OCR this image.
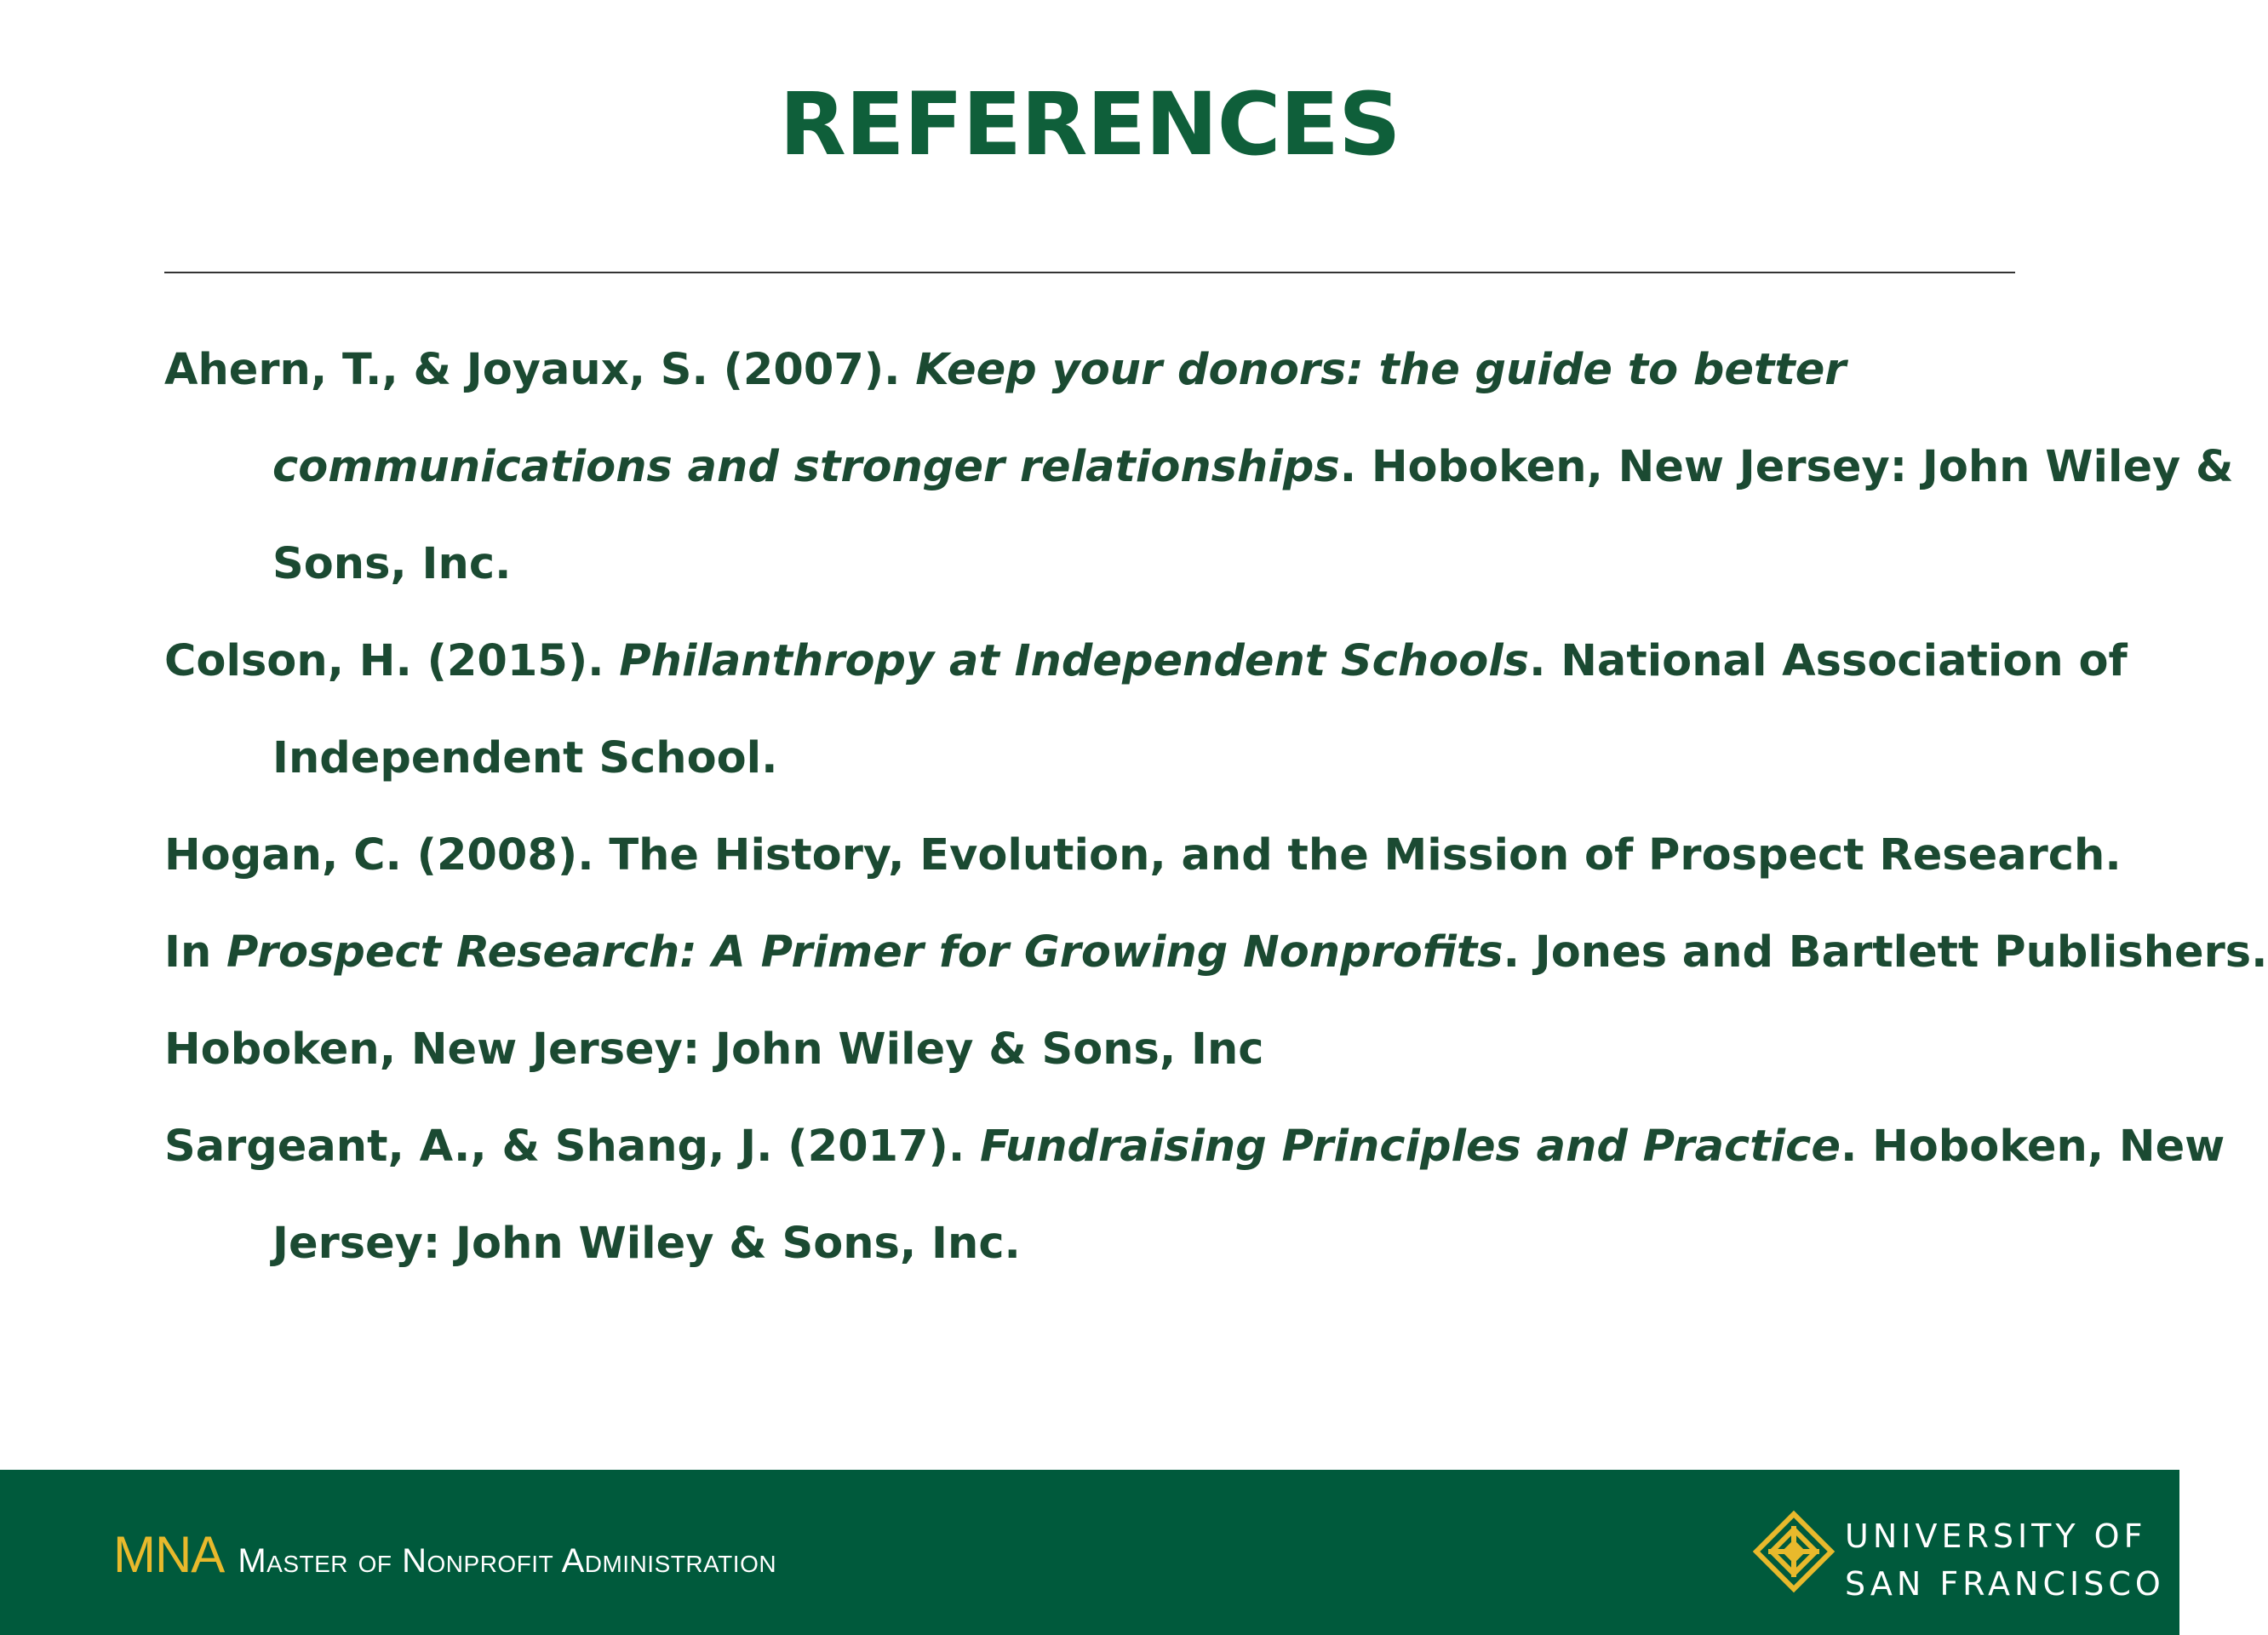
REFERENCES
Ahern, T., & Joyaux, S. (2007). Keep your donors: the guide to better
communications and stronger relationships. Hoboken, New Jersey: John Wiley &
Sons, Inc.
Colson, H. (2015). Philanthropy at Independent Schools. National Association of
Independent School.
Hogan, C. (2008). The History, Evolution, and the Mission of Prospect Research.
In Prospect Research: A Primer for Growing Nonprofits. Jones and Bartlett Publishers.
Hoboken, New Jersey: John Wiley & Sons, Inc
Sargeant, A., & Shang, J. (2017). Fundraising Principles and Practice. Hoboken, New
Jersey: John Wiley & Sons, Inc.
MNA Master of Nonprofit Administration
UNIVERSITY OF
SAN FRANCISCO
